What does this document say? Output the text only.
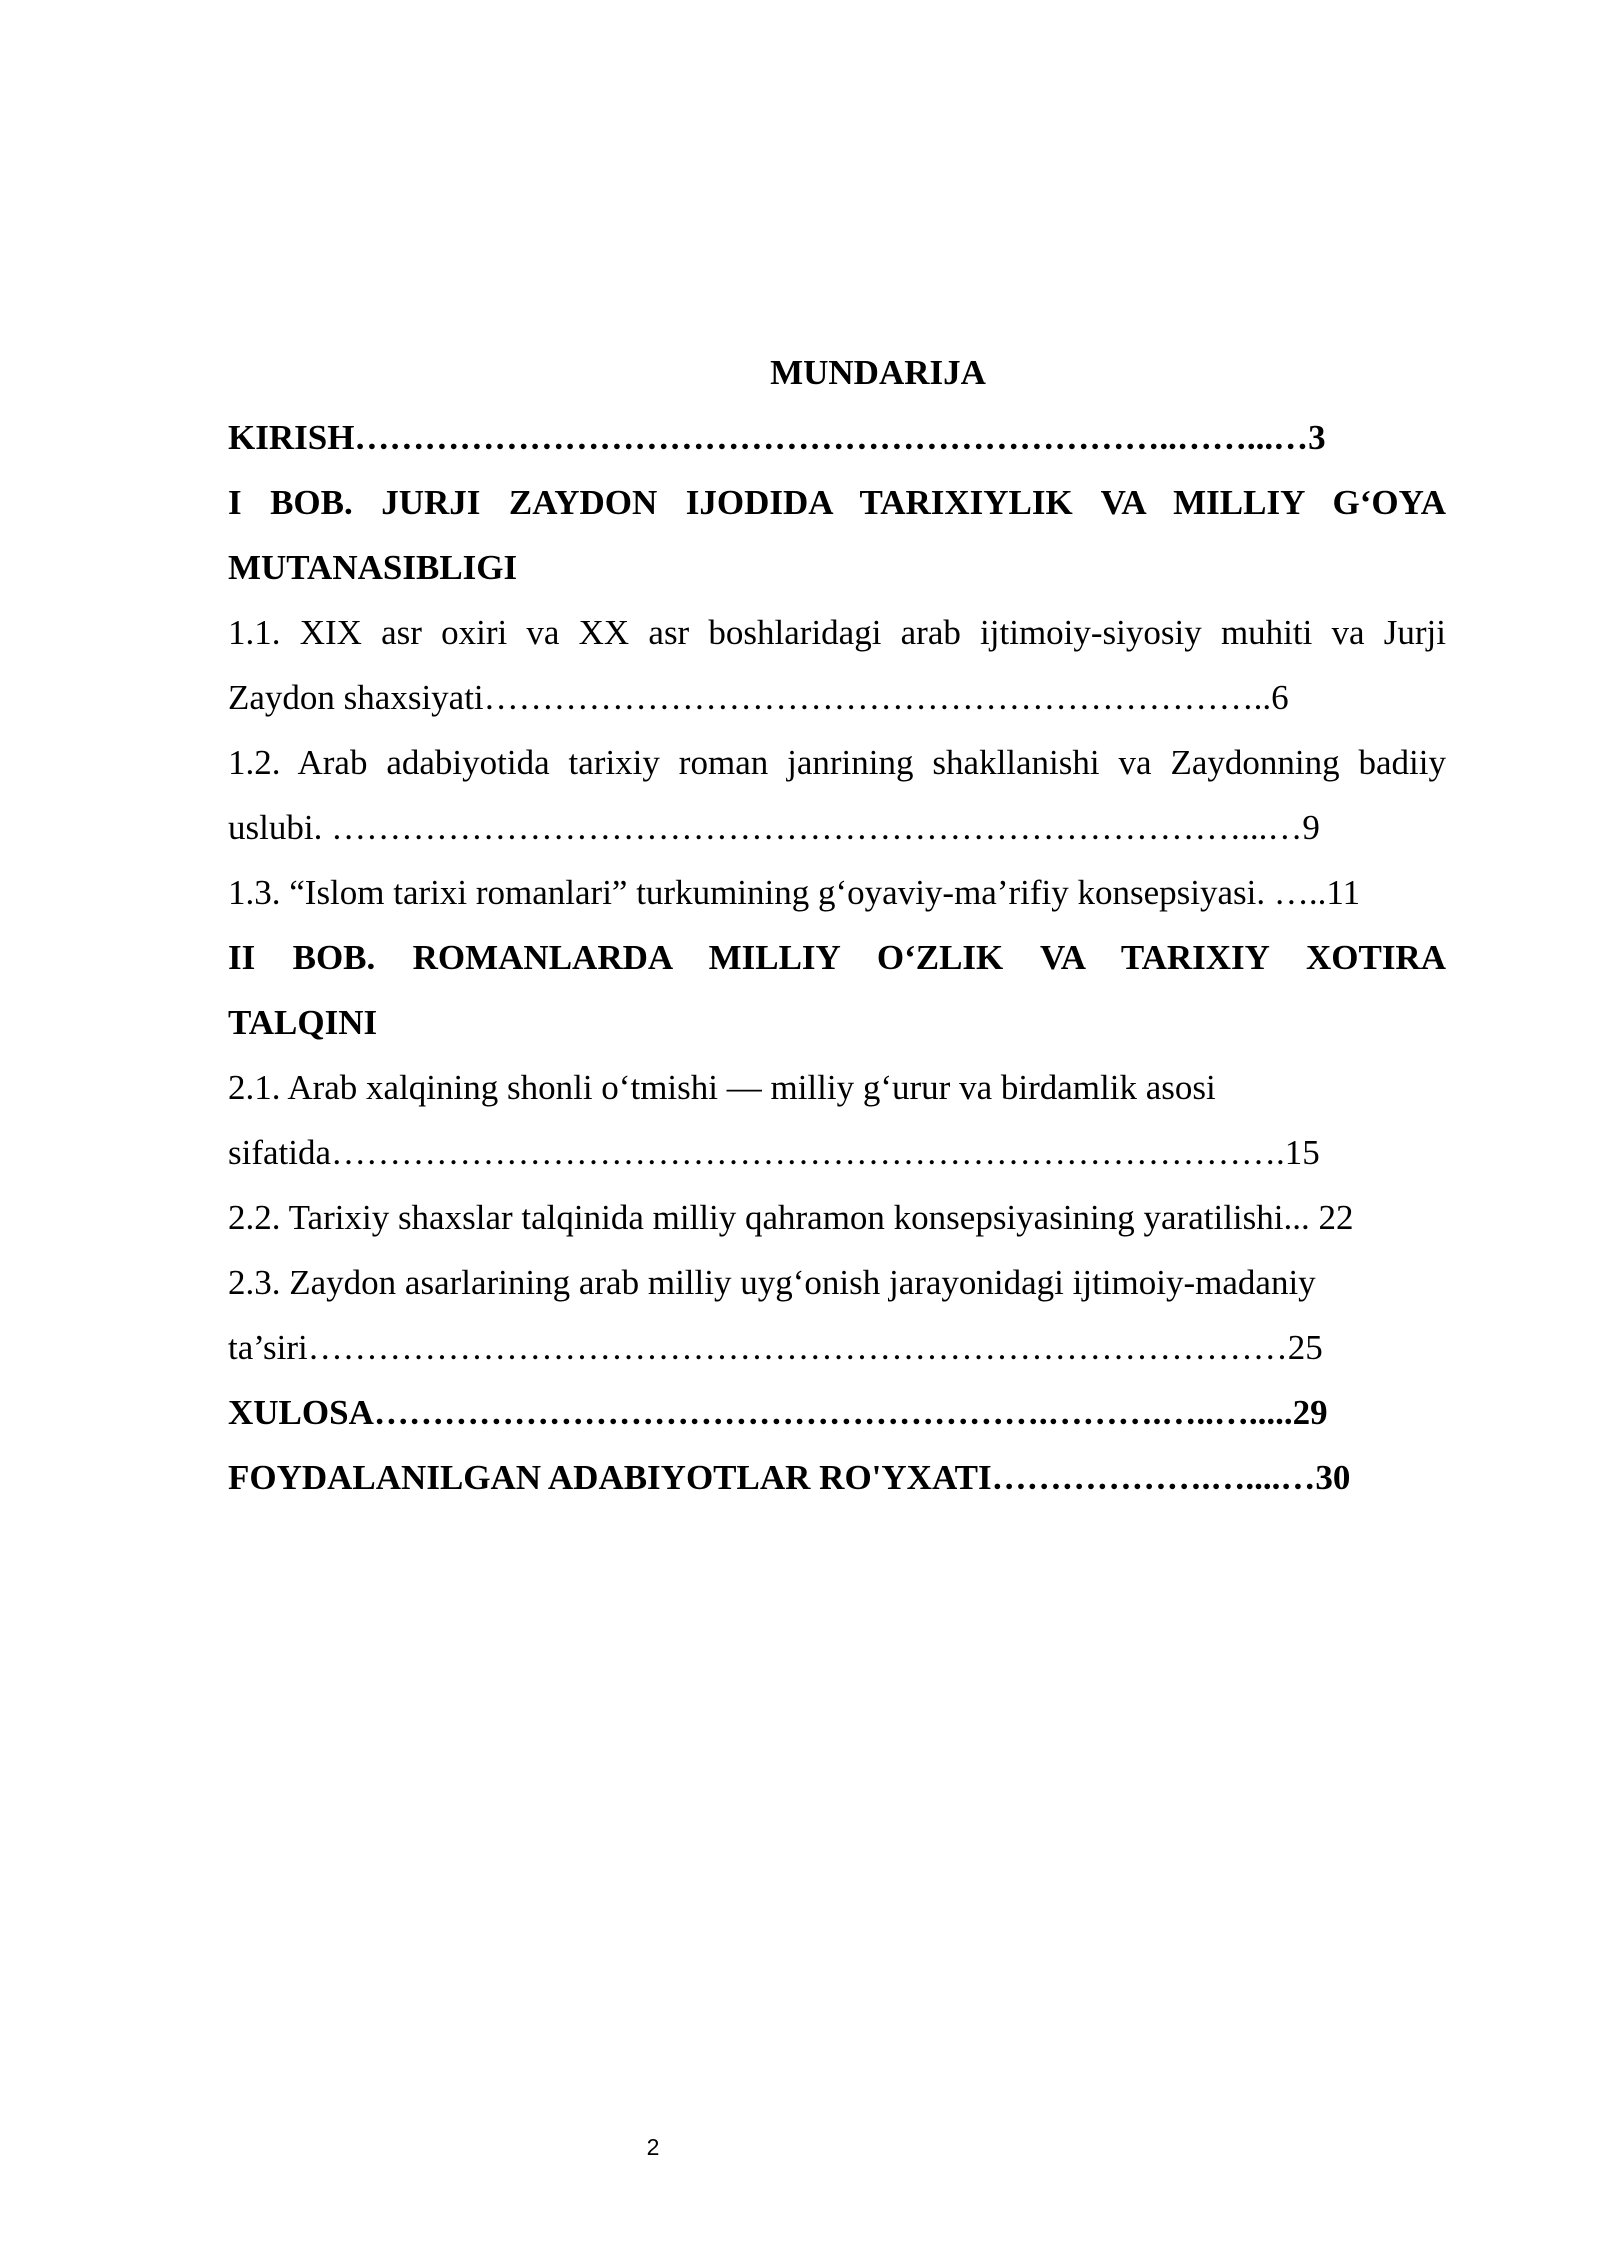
MUNDARIJA
KIRISH……………………………………………………………..……...…3
I BOB. JURJI ZAYDON IJODIDA TARIXIYLIK VA MILLIY G‘OYA
MUTANASIBLIGI
1.1. XIX asr oxiri va XX asr boshlaridagi arab ijtimoiy-siyosiy muhiti va Jurji
Zaydon shaxsiyati…………………………………………………………..6
1.2. Arab adabiyotida tarixiy roman janrining shakllanishi va Zaydonning badiiy
uslubi. ……………………………………………………………………...…9
1.3. “Islom tarixi romanlari” turkumining g‘oyaviy-ma’rifiy konsepsiyasi. …..11
II BOB. ROMANLARDA MILLIY O‘ZLIK VA TARIXIY XOTIRA
TALQINI
2.1. Arab xalqining shonli o‘tmishi — milliy g‘urur va birdamlik asosi
sifatida……………………………………………………………………….15
2.2. Tarixiy shaxslar talqinida milliy qahramon konsepsiyasining yaratilishi... 22
2.3. Zaydon asarlarining arab milliy uyg‘onish jarayonidagi ijtimoiy-madaniy
ta’siri…………………………………………………………………………25
XULOSA………………………………………………….……….…..….....29
FOYDALANILGAN ADABIYOTLAR RO'YXATI……………….…....…30
2
